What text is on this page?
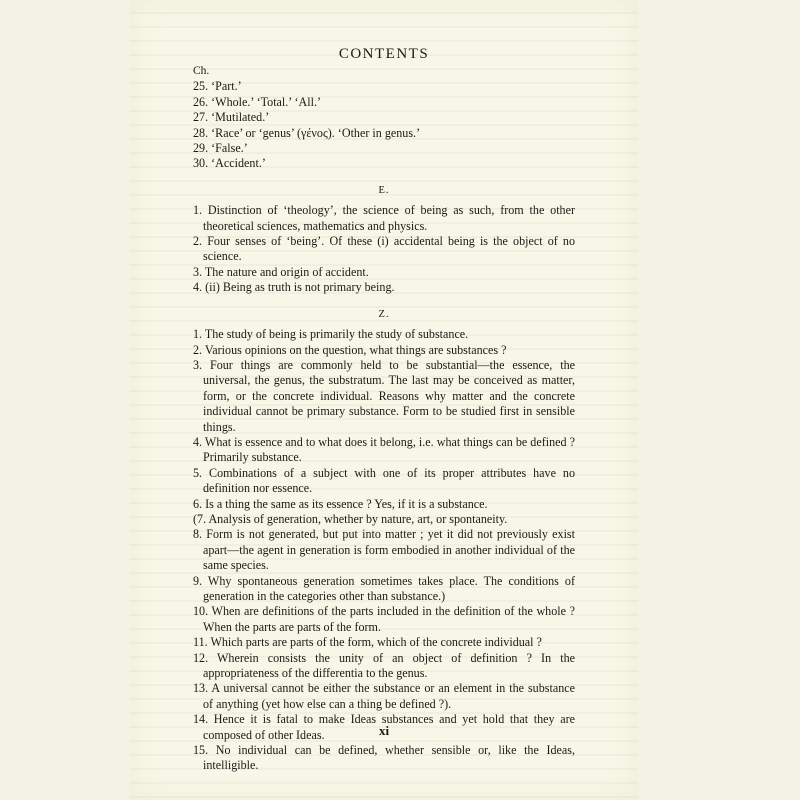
CONTENTS
Ch.
25. ‘Part.’
26. ‘Whole.’ ‘Total.’ ‘All.’
27. ‘Mutilated.’
28. ‘Race’ or ‘genus’ (γένος). ‘Other in genus.’
29. ‘False.’
30. ‘Accident.’
E.
1. Distinction of ‘theology’, the science of being as such, from the other theoretical sciences, mathematics and physics.
2. Four senses of ‘being’. Of these (i) accidental being is the object of no science.
3. The nature and origin of accident.
4. (ii) Being as truth is not primary being.
Z.
1. The study of being is primarily the study of substance.
2. Various opinions on the question, what things are substances ?
3. Four things are commonly held to be substantial—the essence, the universal, the genus, the substratum. The last may be conceived as matter, form, or the concrete individual. Reasons why matter and the concrete individual cannot be primary substance. Form to be studied first in sensible things.
4. What is essence and to what does it belong, i.e. what things can be defined ? Primarily substance.
5. Combinations of a subject with one of its proper attributes have no definition nor essence.
6. Is a thing the same as its essence ? Yes, if it is a substance.
(7. Analysis of generation, whether by nature, art, or spontaneity.
8. Form is not generated, but put into matter ; yet it did not previously exist apart—the agent in generation is form embodied in another individual of the same species.
9. Why spontaneous generation sometimes takes place. The conditions of generation in the categories other than substance.)
10. When are definitions of the parts included in the definition of the whole ? When the parts are parts of the form.
11. Which parts are parts of the form, which of the concrete individual ?
12. Wherein consists the unity of an object of definition ? In the appropriateness of the differentia to the genus.
13. A universal cannot be either the substance or an element in the substance of anything (yet how else can a thing be defined ?).
14. Hence it is fatal to make Ideas substances and yet hold that they are composed of other Ideas.
15. No individual can be defined, whether sensible or, like the Ideas, intelligible.
xi
